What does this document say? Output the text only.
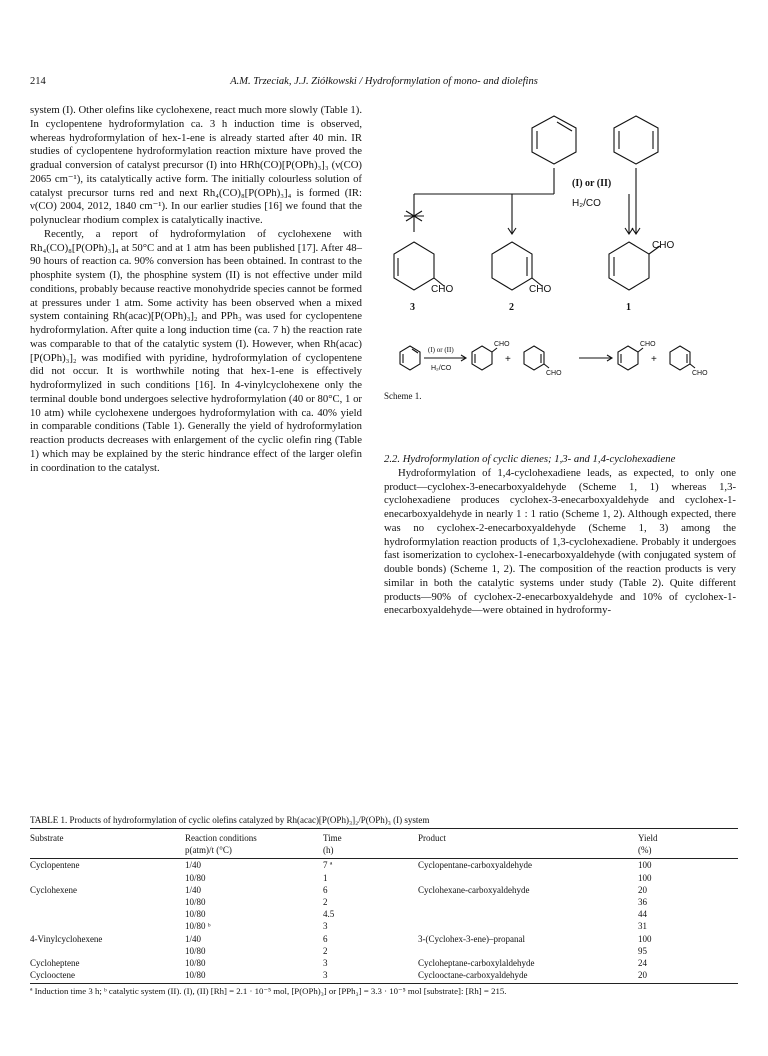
214	A.M. Trzeciak, J.J. Ziółkowski / Hydroformylation of mono- and diolefins

system (I). Other olefins like cyclohexene, react much more slowly (Table 1). In cyclopentene hydroformylation ca. 3 h induction time is observed, whereas hydroformylation of hex-1-ene is already started after 40 min. IR studies of cyclopentene hydroformylation reaction mixture have proved the gradual conversion of catalyst precursor (I) into HRh(CO)[P(OPh)₃]₃ (ν(CO) 2065 cm⁻¹), its catalytically active form. The initially colourless solution of catalyst precursor turns red and next Rh₄(CO)₈[P(OPh)₃]₄ is formed (IR: ν(CO) 2004, 2012, 1840 cm⁻¹). In our earlier studies [16] we found that the polynuclear rhodium complex is catalytically inactive.

Recently, a report of hydroformylation of cyclohexene with Rh₄(CO)₈[P(OPh)₃]₄ at 50°C and at 1 atm has been published [17]. After 48–90 hours of reaction ca. 90% conversion has been obtained. In contrast to the phosphite system (I), the phosphine system (II) is not effective under mild conditions, probably because reactive monohydride species cannot be formed at pressures under 1 atm. Some activity has been observed when a mixed system containing Rh(acac)[P(OPh)₃]₂ and PPh₃ was used for cyclopentene hydroformylation. After quite a long induction time (ca. 7 h) the reaction rate was comparable to that of the catalytic system (I). However, when Rh(acac)[P(OPh)₃]₂ was modified with pyridine, hydroformylation of cyclopentene did not occur. It is worthwhile noting that hex-1-ene is effectively hydroformylized in such conditions [16]. In 4-vinylcyclohexene only the terminal double bond undergoes selective hydroformylation (40 or 80°C, 1 or 10 atm) while cyclohexene undergoes hydroformylation with ca. 40% yield in comparable conditions (Table 1). Generally the yield of hydroformylation reaction products decreases with enlargement of the cyclic olefin ring (Table 1) which may be explained by the steric hindrance effect of the larger olefin in coordination to the catalyst.

(I) or (II)
H₂/CO
CHO	CHO
CHO
3	2	1
(I) or (II)
H₂/CO
CHO
+
CHO
CHO
+
CHO
Scheme 1.

2.2. Hydroformylation of cyclic dienes; 1,3- and 1,4-cyclohexadiene

Hydroformylation of 1,4-cyclohexadiene leads, as expected, to only one product—cyclohex-3-enecarboxyaldehyde (Scheme 1, 1) whereas 1,3-cyclohexadiene produces cyclohex-3-enecarboxyaldehyde and cyclohex-1-enecarboxyaldehyde in nearly 1 : 1 ratio (Scheme 1, 2). Although expected, there was no cyclohex-2-enecarboxyaldehyde (Scheme 1, 3) among the hydroformylation reaction products of 1,3-cyclohexadiene. Probably it undergoes fast isomerization to cyclohex-1-enecarboxyaldehyde (with conjugated system of double bonds) (Scheme 1, 2). The composition of the reaction products is very similar in both the catalytic systems under study (Table 2). Quite different products—90% of cyclohex-2-enecarboxyaldehyde and 10% of cyclohex-1-enecarboxyaldehyde—were obtained in hydroformy-

TABLE 1. Products of hydroformylation of cyclic olefins catalyzed by Rh(acac)[P(OPh)₃]₂/P(OPh)₃ (I) system

Substrate	Reaction conditions	Time	Product	Yield
	p(atm)/t (°C)	(h)		(%)
Cyclopentene	1/40	7 ª	Cyclopentane-carboxyaldehyde	100
	10/80	1		100
Cyclohexene	1/40	6	Cyclohexane-carboxyaldehyde	20
	10/80	2		36
	10/80	4.5		44
	10/80 ᵇ	3		31
4-Vinylcyclohexene	1/40	6	3-(Cyclohex-3-ene)–propanal	100
	10/80	2		95
Cycloheptene	10/80	3	Cycloheptane-carboxylaldehyde	24
Cyclooctene	10/80	3	Cyclooctane-carboxyaldehyde	20

ª Induction time 3 h; ᵇ catalytic system (II). (I), (II) [Rh] = 2.1 · 10⁻⁵ mol, [P(OPh)₃] or [PPh₃] = 3.3 · 10⁻⁵ mol [substrate]: [Rh] = 215.
